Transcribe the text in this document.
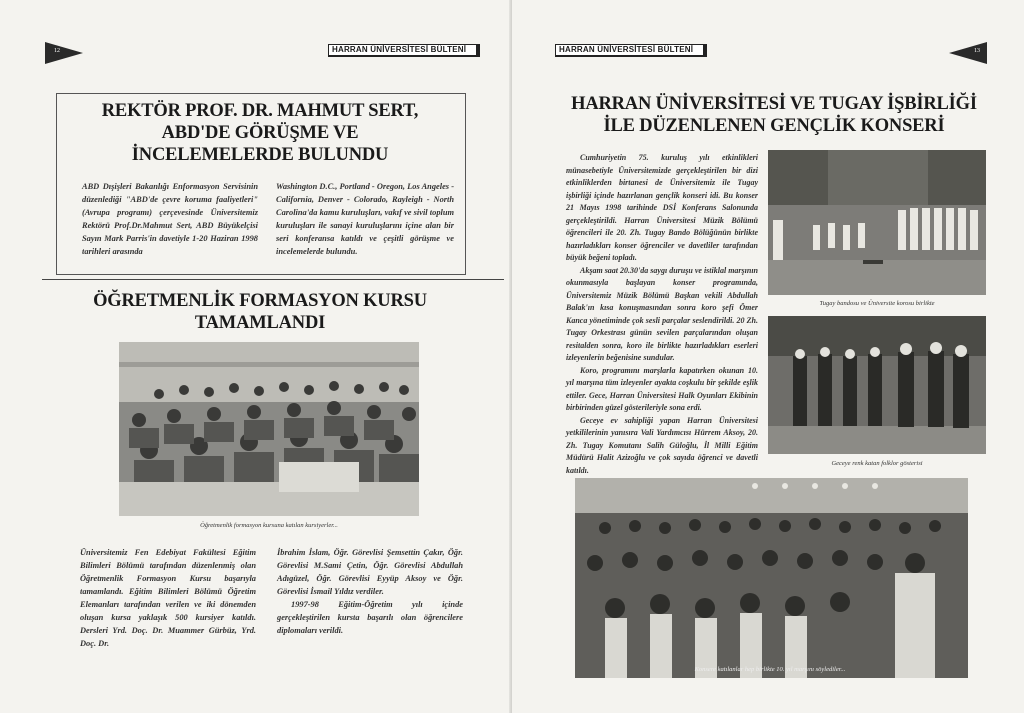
12	HARRAN ÜNİVERSİTESİ BÜLTENİ
REKTÖR PROF. DR. MAHMUT SERT, ABD'DE GÖRÜŞME VE İNCELEMELERDE BULUNDU

ABD Dışişleri Bakanlığı Enformasyon Servisinin düzenlediği "ABD'de çevre koruma faaliyetleri" (Avrupa programı) çerçevesinde Üniversitemiz Rektörü Prof.Dr.Mahmut Sert, ABD Büyükelçisi Sayın Mark Parris'in davetiyle 1-20 Haziran 1998 tarihleri arasında

Washington D.C., Portland - Oregon, Los Angeles - California, Denver - Colorado, Rayleigh - North Carolina'da kamu kuruluşları, vakıf ve sivil toplum kuruluşları ile sanayi kuruluşlarını içine alan bir seri konferansa katıldı ve çeşitli görüşme ve incelemelerde bulundu.

ÖĞRETMENLİK FORMASYON KURSU TAMAMLANDI
Öğretmenlik formasyon kursuna katılan kursiyerler...

Üniversitemiz Fen Edebiyat Fakültesi Eğitim Bilimleri Bölümü tarafından düzenlenmiş olan Öğretmenlik Formasyon Kursu başarıyla tamamlandı. Eğitim Bilimleri Bölümü Öğretim Elemanları tarafından verilen ve iki dönemden oluşan kursa yaklaşık 500 kursiyer katıldı. Dersleri Yrd. Doç. Dr. Muammer Gürbüz, Yrd. Doç. Dr.

İbrahim İslam, Öğr. Görevlisi Şemsettin Çakır, Öğr. Görevlisi M.Sami Çetin, Öğr. Görevlisi Abdullah Adıgüzel, Öğr. Görevlisi Eyyüp Aksoy ve Öğr. Görevlisi İsmail Yıldız verdiler.

1997-98 Eğitim-Öğretim yılı içinde gerçekleştirilen kursta başarılı olan öğrencilere diplomaları verildi.

HARRAN ÜNİVERSİTESİ BÜLTENİ	13
HARRAN ÜNİVERSİTESİ VE TUGAY İŞBİRLİĞİ İLE DÜZENLENEN GENÇLİK KONSERİ

Cumhuriyetin 75. kuruluş yılı etkinlikleri münasebetiyle Üniversitemizde gerçekleştirilen bir dizi etkinliklerden birtanesi de Üniversitemiz ile Tugay işbirliği içinde hazırlanan gençlik konseri idi. Bu konser 21 Mayıs 1998 tarihinde DSİ Konferans Salonunda gerçekleştirildi. Harran Üniversitesi Müzik Bölümü öğrencileri ile 20. Zh. Tugay Bando Bölüğünün birlikte hazırladıkları konser öğrenciler ve davetliler tarafından büyük beğeni topladı.

Akşam saat 20.30'da saygı duruşu ve istiklal marşının okunmasıyla başlayan konser programında, Üniversitemiz Müzik Bölümü Başkan vekili Abdullah Balak'ın kısa konuşmasından sonra koro şefi Ömer Kanca yönetiminde çok sesli parçalar seslendirildi. 20 Zh. Tugay Orkestrası günün sevilen parçalarından oluşan resitalden sonra, koro ile birlikte hazırladıkları eserleri izleyenlerin beğenisine sundular.

Koro, programını marşlarla kapatırken okunan 10. yıl marşına tüm izleyenler ayakta coşkulu bir şekilde eşlik ettiler. Gece, Harran Üniversitesi Halk Oyunları Ekibinin birbirinden güzel gösterileriyle sona erdi.

Geceye ev sahipliği yapan Harran Üniversitesi yetkililerinin yanısıra Vali Yardımcısı Hürrem Aksoy, 20. Zh. Tugay Komutanı Salih Güloğlu, İl Milli Eğitim Müdürü Halit Azizoğlu ve çok sayıda öğrenci ve davetli katıldı.

Tugay bandosu ve Üniversite korosu birlikte
Geceye renk katan folklor gösterisi
Konsere katılanlar hep birlikte 10. yıl marşını söylediler...
